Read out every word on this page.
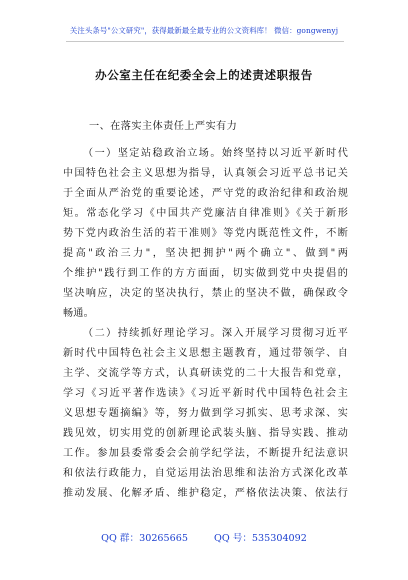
关注头条号"公文研究"，获得最新最全最专业的公文资料库！ 微信：gongwenyj
办公室主任在纪委全会上的述责述职报告
一、在落实主体责任上严实有力
（一）坚定站稳政治立场。始终坚持以习近平新时代
中国特色社会主义思想为指导，认真领会习近平总书记关
于全面从严治党的重要论述，严守党的政治纪律和政治规
矩。常态化学习《中国共产党廉洁自律准则》《关于新形
势下党内政治生活的若干准则》等党内既范性文件，不断
提高"政治三力"，坚决把拥护"两个确立"、做到"两
个维护"践行到工作的方方面面，切实做到党中央提倡的
坚决响应，决定的坚决执行，禁止的坚决不做，确保政令
畅通。
（二）持续抓好理论学习。深入开展学习贯彻习近平
新时代中国特色社会主义思想主题教育，通过带领学、自
主学、交流学等方式，认真研读党的二十大报告和党章，
学习《习近平著作选读》《习近平新时代中国特色社会主
义思想专题摘编》等，努力做到学习抓实、思考求深、实
践见效，切实用党的创新理论武装头脑、指导实践、推动
工作。参加县委常委会会前学纪学法，不断提升纪法意识
和依法行政能力，自觉运用法治思维和法治方式深化改革
推动发展、化解矛盾、维护稳定，严格依法决策、依法行
QQ 群：30265665	QQ 号：535304092
